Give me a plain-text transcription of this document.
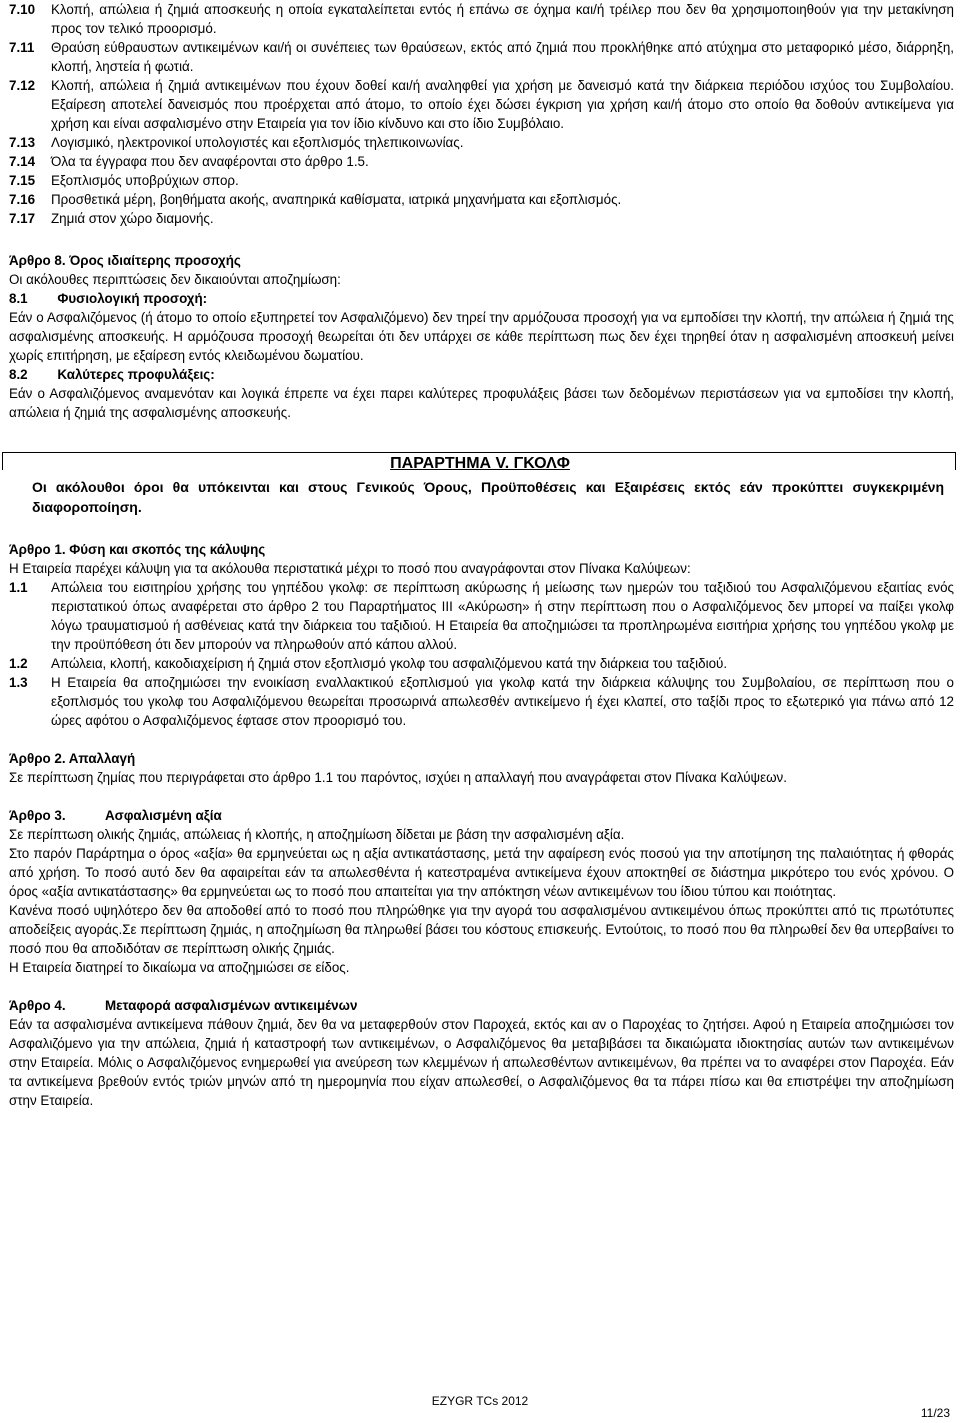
7.10	Κλοπή, απώλεια ή ζημιά αποσκευής η οποία εγκαταλείπεται εντός ή επάνω σε όχημα και/ή τρέιλερ που δεν θα χρησιμοποιηθούν για την μετακίνηση προς τον τελικό προορισμό.
7.11	Θραύση εύθραυστων αντικειμένων και/ή οι συνέπειες των θραύσεων, εκτός από ζημιά που προκλήθηκε από ατύχημα στο μεταφορικό μέσο, διάρρηξη, κλοπή, ληστεία ή φωτιά.
7.12	Κλοπή, απώλεια ή ζημιά αντικειμένων που έχουν δοθεί και/ή αναληφθεί για χρήση με δανεισμό κατά την διάρκεια περιόδου ισχύος του Συμβολαίου. Εξαίρεση αποτελεί δανεισμός που προέρχεται από άτομο, το οποίο έχει δώσει έγκριση για χρήση και/ή άτομο στο οποίο θα δοθούν αντικείμενα για χρήση και είναι ασφαλισμένο στην Εταιρεία για τον ίδιο κίνδυνο και στο ίδιο Συμβόλαιο.
7.13	Λογισμικό, ηλεκτρονικοί υπολογιστές και εξοπλισμός τηλεπικοινωνίας.
7.14	Όλα τα έγγραφα που δεν αναφέρονται στο άρθρο 1.5.
7.15	Εξοπλισμός υποβρύχιων σπορ.
7.16	Προσθετικά μέρη, βοηθήματα ακοής, αναπηρικά καθίσματα, ιατρικά μηχανήματα και εξοπλισμός.
7.17	Ζημιά στον χώρο διαμονής.

Άρθρο 8. Όρος ιδιαίτερης προσοχής

Οι ακόλουθες περιπτώσεις δεν δικαιούνται αποζημίωση:

8.1        Φυσιολογική προσοχή:

Εάν ο Ασφαλιζόμενος (ή άτομο το οποίο εξυπηρετεί τον Ασφαλιζόμενο) δεν τηρεί την αρμόζουσα προσοχή για να εμποδίσει την κλοπή, την απώλεια ή ζημιά της ασφαλισμένης αποσκευής. Η αρμόζουσα προσοχή θεωρείται ότι δεν υπάρχει σε κάθε περίπτωση πως δεν έχει τηρηθεί όταν η ασφαλισμένη αποσκευή μείνει χωρίς επιτήρηση, με εξαίρεση εντός κλειδωμένου δωματίου.

8.2        Καλύτερες προφυλάξεις:

Εάν ο Ασφαλιζόμενος αναμενόταν και λογικά έπρεπε να έχει παρει καλύτερες προφυλάξεις βάσει των δεδομένων περιστάσεων για να εμποδίσει την κλοπή, απώλεια ή ζημιά της ασφαλισμένης αποσκευής.

ΠΑΡΑΡΤΗΜΑ V. ΓΚΟΛΦ
Οι ακόλουθοι όροι θα υπόκεινται και στους Γενικούς Όρους, Προϋποθέσεις και Εξαιρέσεις εκτός εάν προκύπτει συγκεκριμένη διαφοροποίηση.

Άρθρο 1. Φύση και σκοπός της κάλυψης

Η Εταιρεία παρέχει κάλυψη για τα ακόλουθα περιστατικά μέχρι το ποσό που αναγράφονται στον Πίνακα Καλύψεων:

1.1	Απώλεια του εισιτηρίου χρήσης του γηπέδου γκολφ: σε περίπτωση ακύρωσης ή μείωσης των ημερών του ταξιδιού του Ασφαλιζόμενου εξαιτίας ενός περιστατικού όπως αναφέρεται στο άρθρο 2 του Παραρτήματος III «Ακύρωση» ή στην περίπτωση που ο Ασφαλιζόμενος δεν μπορεί να παίξει γκολφ λόγω τραυματισμού ή ασθένειας κατά την διάρκεια του ταξιδιού. Η Εταιρεία θα αποζημιώσει τα προπληρωμένα εισιτήρια χρήσης του γηπέδου γκολφ με την προϋπόθεση ότι δεν μπορούν να πληρωθούν από κάπου αλλού.
1.2	Απώλεια, κλοπή, κακοδιαχείριση ή ζημιά στον εξοπλισμό γκολφ του ασφαλιζόμενου κατά την διάρκεια του ταξιδιού.
1.3	Η Εταιρεία θα αποζημιώσει την ενοικίαση εναλλακτικού εξοπλισμού για γκολφ κατά την διάρκεια κάλυψης του Συμβολαίου, σε περίπτωση που ο εξοπλισμός του γκολφ του Ασφαλιζόμενου θεωρείται προσωρινά απωλεσθέν αντικείμενο ή έχει κλαπεί, στο ταξίδι προς το εξωτερικό για πάνω από 12 ώρες αφότου ο Ασφαλιζόμενος έφτασε στον προορισμό του.

Άρθρο 2. Απαλλαγή

Σε περίπτωση ζημίας που περιγράφεται στο άρθρο 1.1 του παρόντος, ισχύει η απαλλαγή που αναγράφεται στον Πίνακα Καλύψεων.

Άρθρο 3.	Ασφαλισμένη αξία

Σε περίπτωση ολικής ζημιάς, απώλειας ή κλοπής, η αποζημίωση δίδεται με βάση την ασφαλισμένη αξία.

Στο παρόν Παράρτημα ο όρος «αξία» θα ερμηνεύεται ως η αξία αντικατάστασης, μετά την αφαίρεση ενός ποσού για την αποτίμηση της παλαιότητας ή φθοράς από χρήση. Το ποσό αυτό δεν θα αφαιρείται εάν τα απωλεσθέντα ή κατεστραμένα αντικείμενα έχουν αποκτηθεί σε διάστημα μικρότερο του ενός χρόνου. Ο όρος «αξία αντικατάστασης» θα ερμηνεύεται ως το ποσό που απαιτείται για την απόκτηση νέων αντικειμένων του ίδιου τύπου και ποιότητας.

Κανένα ποσό υψηλότερο δεν θα αποδοθεί από το ποσό που πληρώθηκε για την αγορά του ασφαλισμένου αντικειμένου όπως προκύπτει από τις πρωτότυπες αποδείξεις αγοράς.Σε περίπτωση ζημιάς, η αποζημίωση θα πληρωθεί βάσει του κόστους επισκευής. Εντούτοις, το ποσό που θα πληρωθεί δεν θα υπερβαίνει το ποσό που θα αποδιδόταν σε περίπτωση ολικής ζημιάς.

Η Εταιρεία διατηρεί το δικαίωμα να αποζημιώσει σε είδος.

Άρθρο 4.	Μεταφορά ασφαλισμένων αντικειμένων

Εάν τα ασφαλισμένα αντικείμενα πάθουν ζημιά, δεν θα να μεταφερθούν στον Παροχεά, εκτός και αν ο Παροχέας το ζητήσει. Αφού η Εταιρεία αποζημιώσει τον Ασφαλιζόμενο για την απώλεια, ζημιά ή καταστροφή των αντικειμένων, ο Ασφαλιζόμενος θα μεταβιβάσει τα δικαιώματα ιδιοκτησίας αυτών των αντικειμένων στην Εταιρεία. Μόλις ο Ασφαλιζόμενος ενημερωθεί για ανεύρεση των κλεμμένων ή απωλεσθέντων αντικειμένων, θα πρέπει να το αναφέρει στον Παροχέα. Εάν τα αντικείμενα βρεθούν εντός τριών μηνών από τη ημερομηνία που είχαν απωλεσθεί, ο Ασφαλιζόμενος θα τα πάρει πίσω και θα επιστρέψει την αποζημίωση στην Εταιρεία.

EZYGR TCs 2012
11/23
